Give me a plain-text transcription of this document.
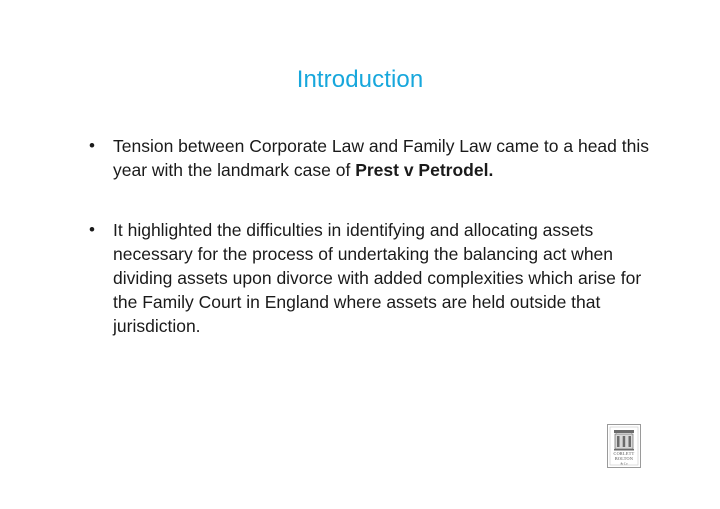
Introduction
•	Tension between Corporate Law and Family Law came to a head this year with the landmark case of Prest v Petrodel.
•	It highlighted the difficulties in identifying and allocating assets necessary for the process of undertaking the balancing act when dividing assets upon divorce with added complexities which arise for the Family Court in England where assets are held outside that jurisdiction.
CORLETT
BOLTON
& Co
